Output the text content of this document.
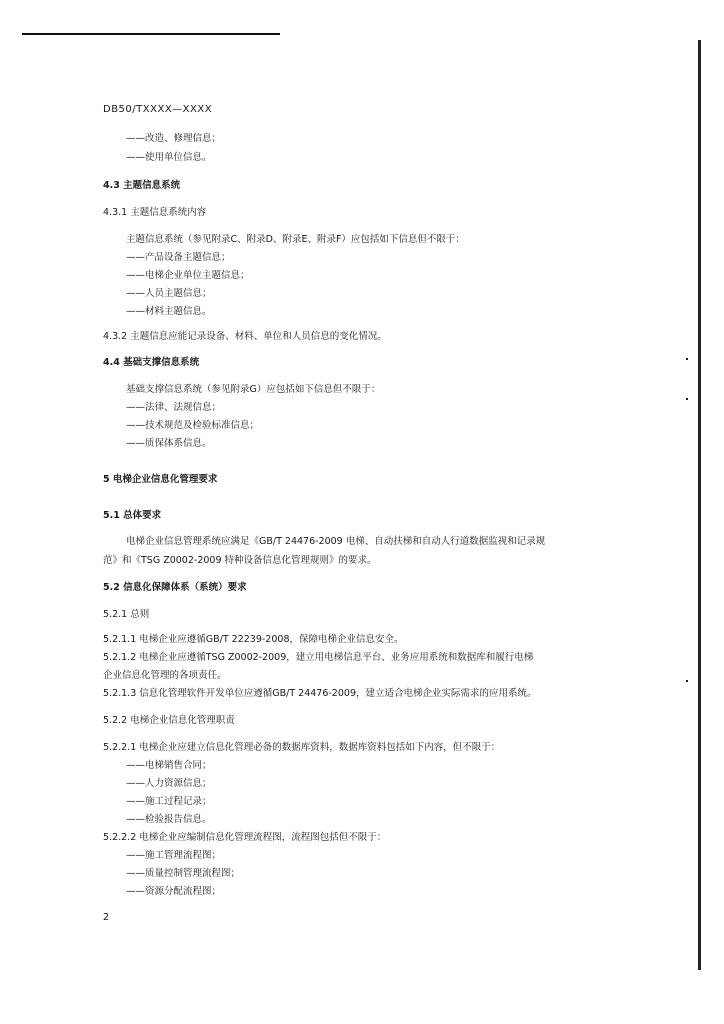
DB50/TXXXX—XXXX
——改造、修理信息；
——使用单位信息。
4.3 主题信息系统
4.3.1 主题信息系统内容
主题信息系统（参见附录C、附录D、附录E、附录F）应包括如下信息但不限于：
——产品设备主题信息；
——电梯企业单位主题信息；
——人员主题信息；
——材料主题信息。
4.3.2 主题信息应能记录设备、材料、单位和人员信息的变化情况。
4.4 基础支撑信息系统
基础支撑信息系统（参见附录G）应包括如下信息但不限于：
——法律、法规信息；
——技术规范及检验标准信息；
——质保体系信息。
5 电梯企业信息化管理要求
5.1 总体要求
电梯企业信息管理系统应满足《GB/T 24476-2009 电梯、自动扶梯和自动人行道数据监视和记录规
范》和《TSG Z0002-2009 特种设备信息化管理规则》的要求。
5.2 信息化保障体系（系统）要求
5.2.1 总则
5.2.1.1 电梯企业应遵循GB/T 22239-2008，保障电梯企业信息安全。
5.2.1.2 电梯企业应遵循TSG Z0002-2009，建立用电梯信息平台、业务应用系统和数据库和履行电梯
企业信息化管理的各项责任。
5.2.1.3 信息化管理软件开发单位应遵循GB/T 24476-2009，建立适合电梯企业实际需求的应用系统。
5.2.2 电梯企业信息化管理职责
5.2.2.1 电梯企业应建立信息化管理必备的数据库资料，数据库资料包括如下内容，但不限于：
——电梯销售合同；
——人力资源信息；
——施工过程记录；
——检验报告信息。
5.2.2.2 电梯企业应编制信息化管理流程图，流程图包括但不限于：
——施工管理流程图；
——质量控制管理流程图；
——资源分配流程图；
2
